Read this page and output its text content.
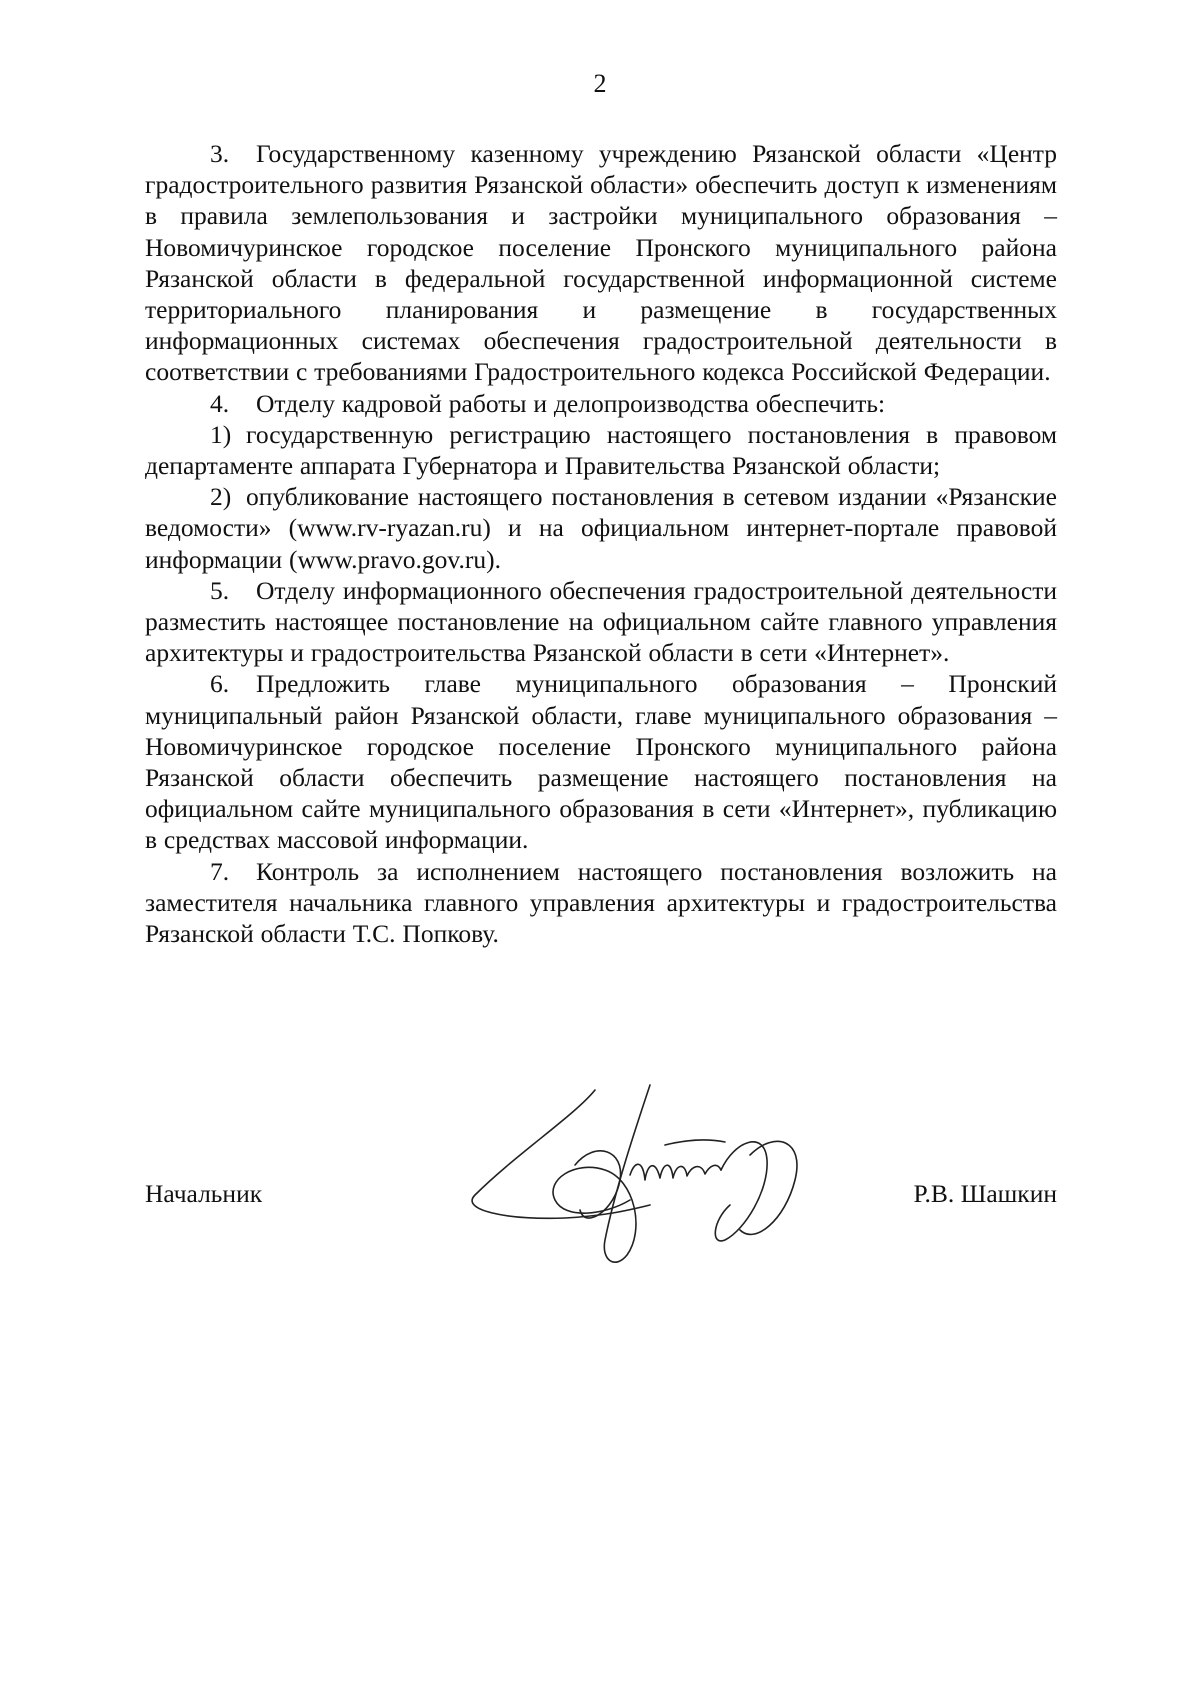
2

3. Государственному казенному учреждению Рязанской области «Центр градостроительного развития Рязанской области» обеспечить доступ к изменениям в правила землепользования и застройки муниципального образования – Новомичуринское городское поселение Пронского муниципального района Рязанской области в федеральной государственной информационной системе территориального планирования и размещение в государственных информационных системах обеспечения градостроительной деятельности в соответствии с требованиями Градостроительного кодекса Российской Федерации.

4. Отделу кадровой работы и делопроизводства обеспечить:

1) государственную регистрацию настоящего постановления в правовом департаменте аппарата Губернатора и Правительства Рязанской области;

2) опубликование настоящего постановления в сетевом издании «Рязанские ведомости» (www.rv-ryazan.ru) и на официальном интернет-портале правовой информации (www.pravo.gov.ru).

5. Отделу информационного обеспечения градостроительной деятельности разместить настоящее постановление на официальном сайте главного управления архитектуры и градостроительства Рязанской области в сети «Интернет».

6. Предложить главе муниципального образования – Пронский муниципальный район Рязанской области, главе муниципального образования – Новомичуринское городское поселение Пронского муниципального района Рязанской области обеспечить размещение настоящего постановления на официальном сайте муниципального образования в сети «Интернет», публикацию в средствах массовой информации.

7. Контроль за исполнением настоящего постановления возложить на заместителя начальника главного управления архитектуры и градостроительства Рязанской области Т.С. Попкову.

Начальник	Р.В. Шашкин
